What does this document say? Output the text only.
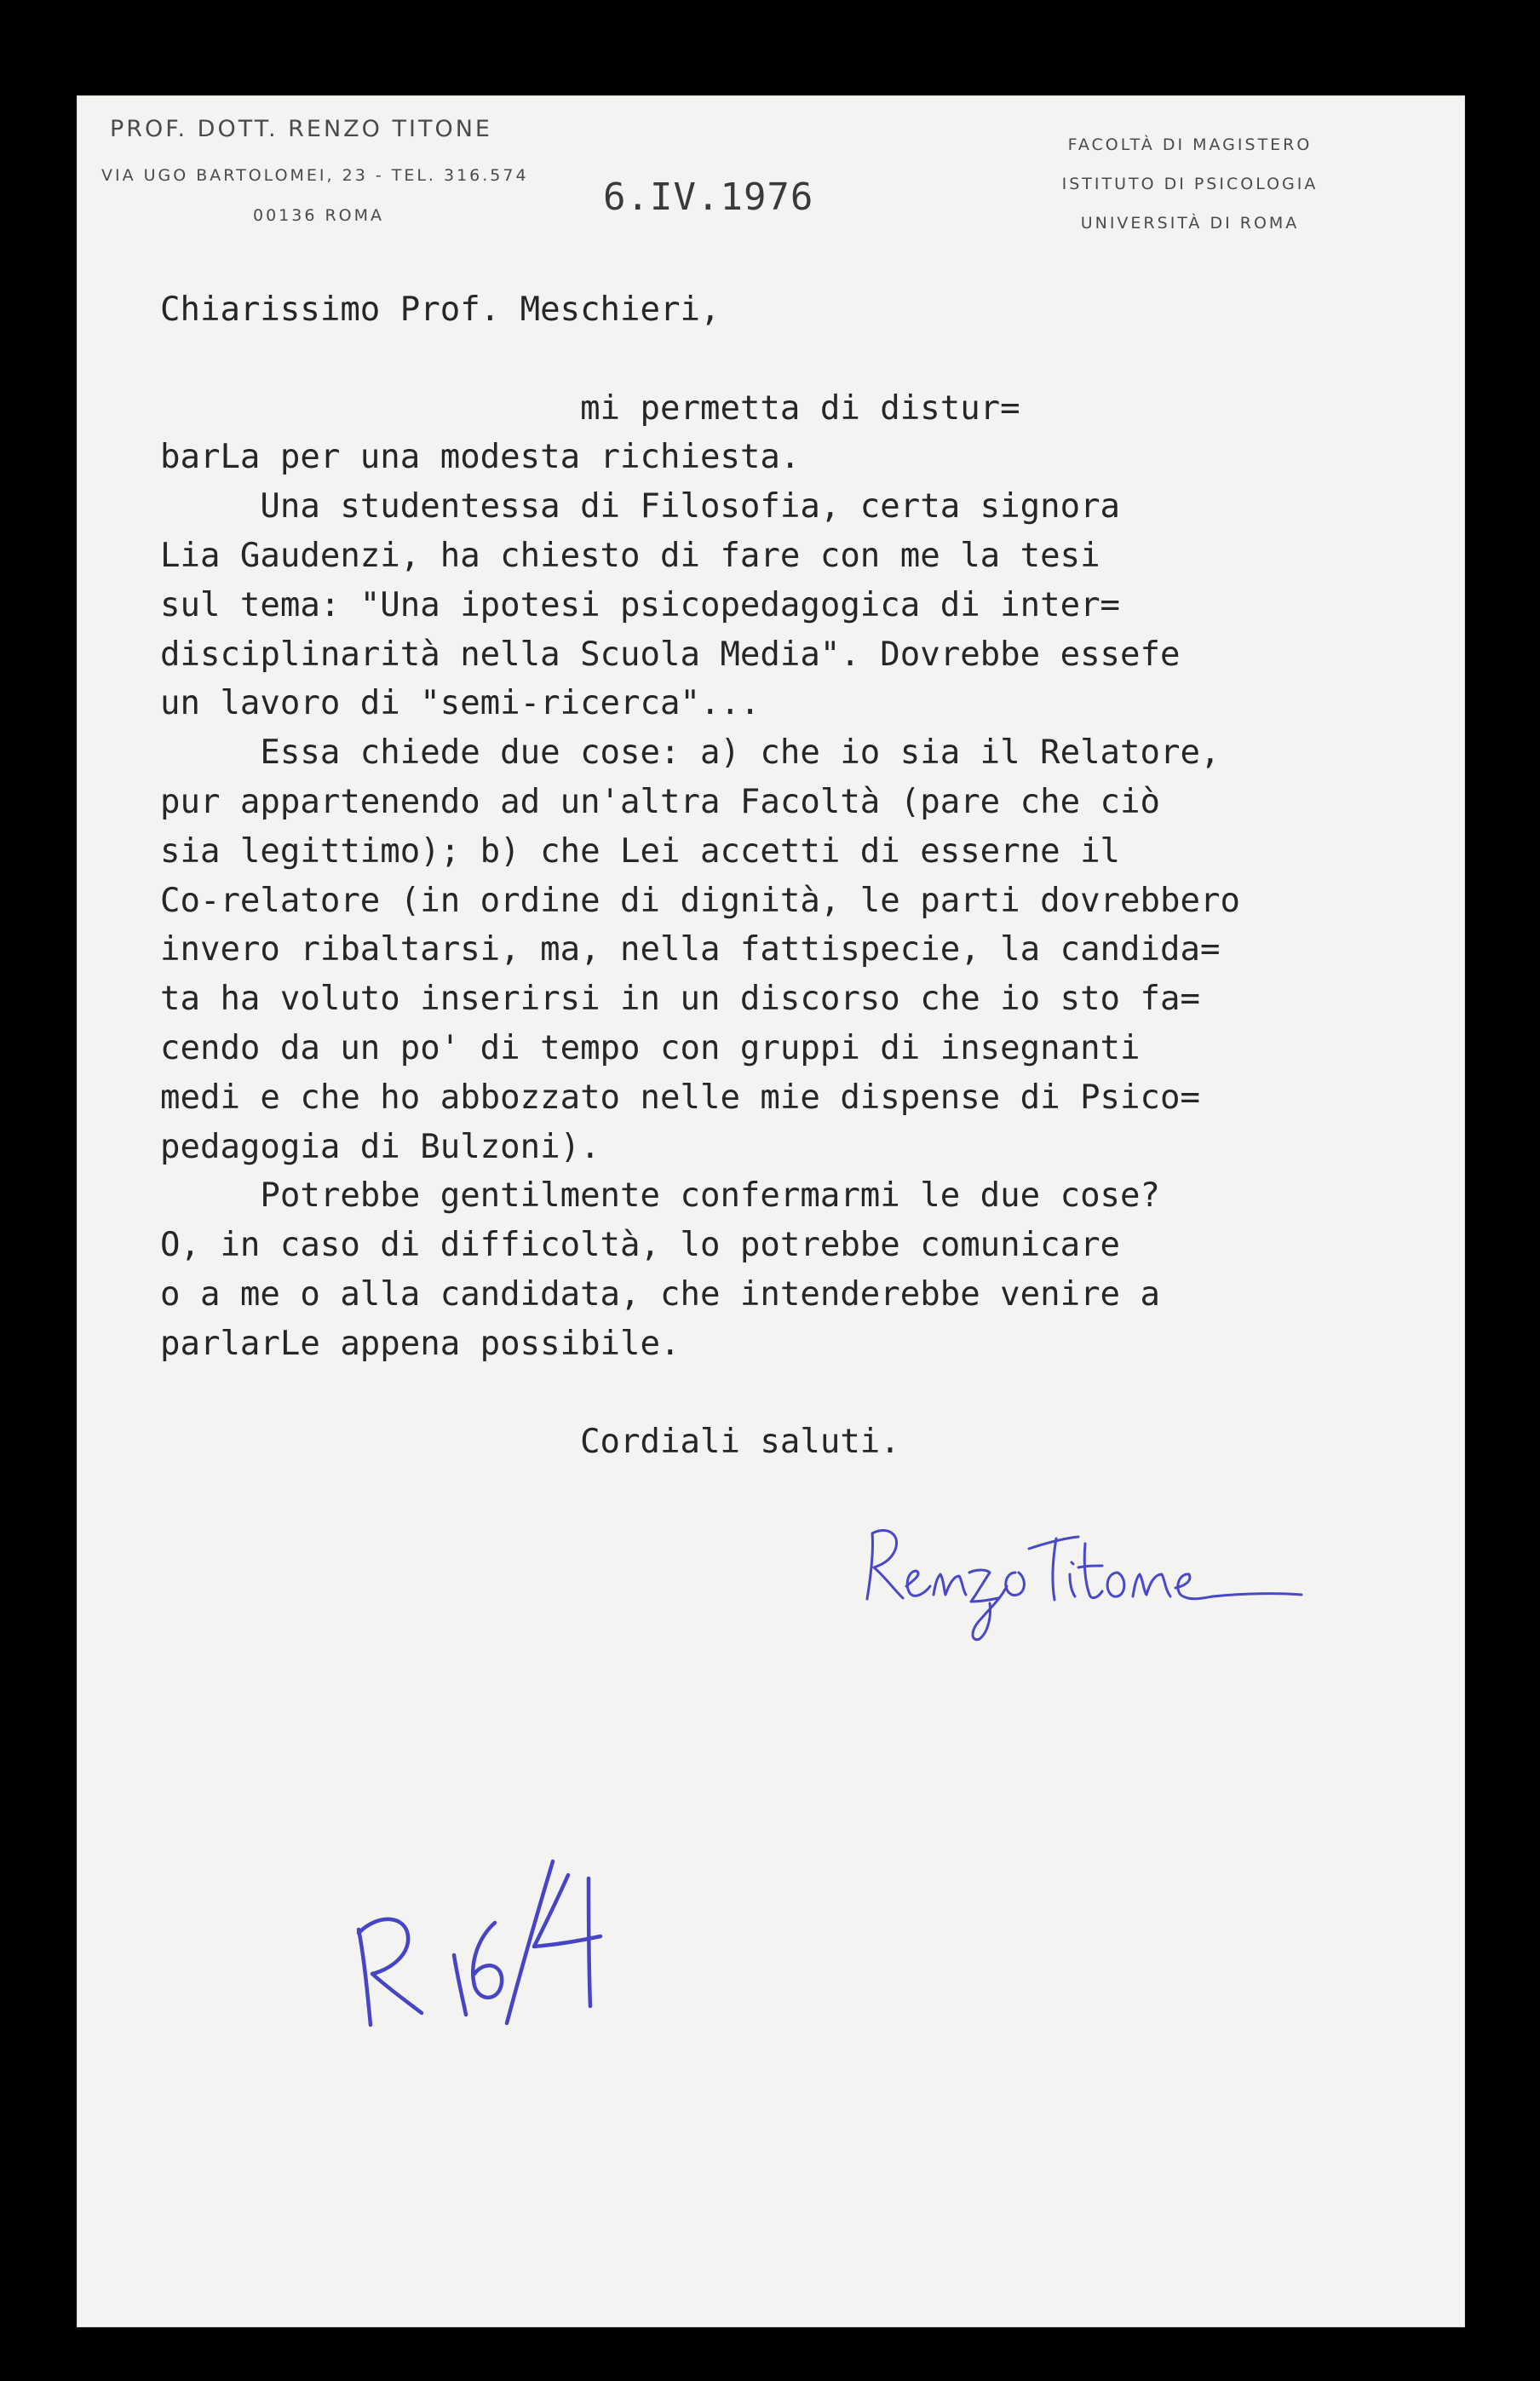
PROF. DOTT. RENZO TITONE
VIA UGO BARTOLOMEI, 23 - TEL. 316.574
00136 ROMA
FACOLTÀ DI MAGISTERO
ISTITUTO DI PSICOLOGIA
UNIVERSITÀ DI ROMA
6.IV.1976
Chiarissimo Prof. Meschieri,
mi permetta di distur=
barLa per una modesta richiesta.
Una studentessa di Filosofia, certa signora
Lia Gaudenzi, ha chiesto di fare con me la tesi
sul tema: "Una ipotesi psicopedagogica di inter=
disciplinarità nella Scuola Media". Dovrebbe essefe
un lavoro di "semi-ricerca"...
Essa chiede due cose: a) che io sia il Relatore,
pur appartenendo ad un'altra Facoltà (pare che ciò
sia legittimo); b) che Lei accetti di esserne il
Co-relatore (in ordine di dignità, le parti dovrebbero
invero ribaltarsi, ma, nella fattispecie, la candida=
ta ha voluto inserirsi in un discorso che io sto fa=
cendo da un po' di tempo con gruppi di insegnanti
medi e che ho abbozzato nelle mie dispense di Psico=
pedagogia di Bulzoni).
Potrebbe gentilmente confermarmi le due cose?
O, in caso di difficoltà, lo potrebbe comunicare
o a me o alla candidata, che intenderebbe venire a
parlarLe appena possibile.
Cordiali saluti.
